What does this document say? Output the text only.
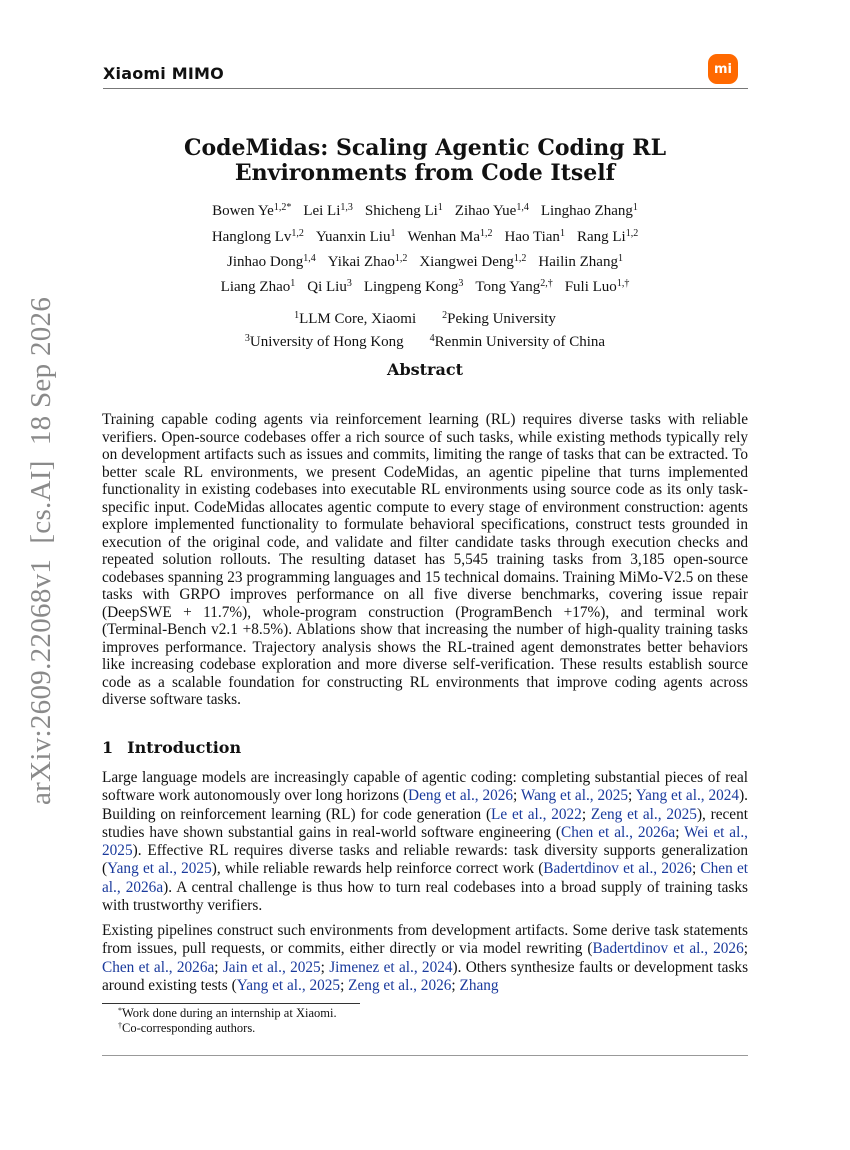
Xiaomi MIMO	mi
arXiv:2609.22068v1  [cs.AI]  18 Sep 2026
CodeMidas: Scaling Agentic Coding RL
Environments from Code Itself
Bowen $Ye^{1,2*}$ Lei Li$^{1,3}$ Shicheng Li$^1$ Zihao Yue$^{1,4}$ Linghao Zhang$^1$
Hanglong Lv$^{1,2}$ Yuanxin Liu$^1$ Wenhan Ma$^{1,2}$ Hao Tian$^1$ Rang Li$^{1,2}$
Jinhao Dong$^{1,4}$ Yikai Zhao$^{1,2}$ Xiangwei Deng$^{1,2}$ Hailin Zhang$^1$
Liang Zhao$^1$ Qi Liu$^3$ Lingpeng Kong$^3$ Tong Yang$^{2,\dagger}$ Fuli Luo$^{1,\dagger}$
$^1$LLM Core, Xiaomi	$^2$Peking University
$^3$University of Hong Kong	$^4$Renmin University of China
Abstract

Training capable coding agents via reinforcement learning (RL) requires diverse tasks with reliable verifiers. Open-source codebases offer a rich source of such tasks, while existing methods typically rely on development artifacts such as issues and commits, limiting the range of tasks that can be extracted. To better scale RL environments, we present CodeMidas, an agentic pipeline that turns implemented functionality in existing codebases into executable RL environments using source code as its only task-specific input. CodeMidas allocates agentic compute to every stage of environment construction: agents explore implemented functionality to formulate behavioral specifications, construct tests grounded in execution of the original code, and validate and filter candidate tasks through execution checks and repeated solution rollouts. The resulting dataset has 5,545 training tasks from 3,185 open-source codebases spanning 23 programming languages and 15 technical domains. Training MiMo-V2.5 on these tasks with GRPO improves performance on all five diverse benchmarks, covering issue repair (DeepSWE + 11.7%), whole-program construction (ProgramBench +17%), and terminal work (Terminal-Bench v2.1 +8.5%). Ablations show that increasing the number of high-quality training tasks improves performance. Trajectory analysis shows the RL-trained agent demonstrates better behaviors like increasing codebase exploration and more diverse self-verification. These results establish source code as a scalable foundation for constructing RL environments that improve coding agents across diverse software tasks.

1 Introduction

Large language models are increasingly capable of agentic coding: completing substantial pieces of real software work autonomously over long horizons (Deng et al., 2026; Wang et al., 2025; Yang et al., 2024). Building on reinforcement learning (RL) for code generation (Le et al., 2022; Zeng et al., 2025), recent studies have shown substantial gains in real-world software engineering (Chen et al., 2026a; Wei et al., 2025). Effective RL requires diverse tasks and reliable rewards: task diversity supports generalization (Yang et al., 2025), while reliable rewards help reinforce correct work (Badertdinov et al., 2026; Chen et al., 2026a). A central challenge is thus how to turn real codebases into a broad supply of training tasks with trustworthy verifiers.

Existing pipelines construct such environments from development artifacts. Some derive task statements from issues, pull requests, or commits, either directly or via model rewriting (Badertdinov et al., 2026; Chen et al., 2026a; Jain et al., 2025; Jimenez et al., 2024). Others synthesize faults or development tasks around existing tests (Yang et al., 2025; Zeng et al., 2026; Zhang

*Work done during an internship at Xiaomi.
†Co-corresponding authors.
